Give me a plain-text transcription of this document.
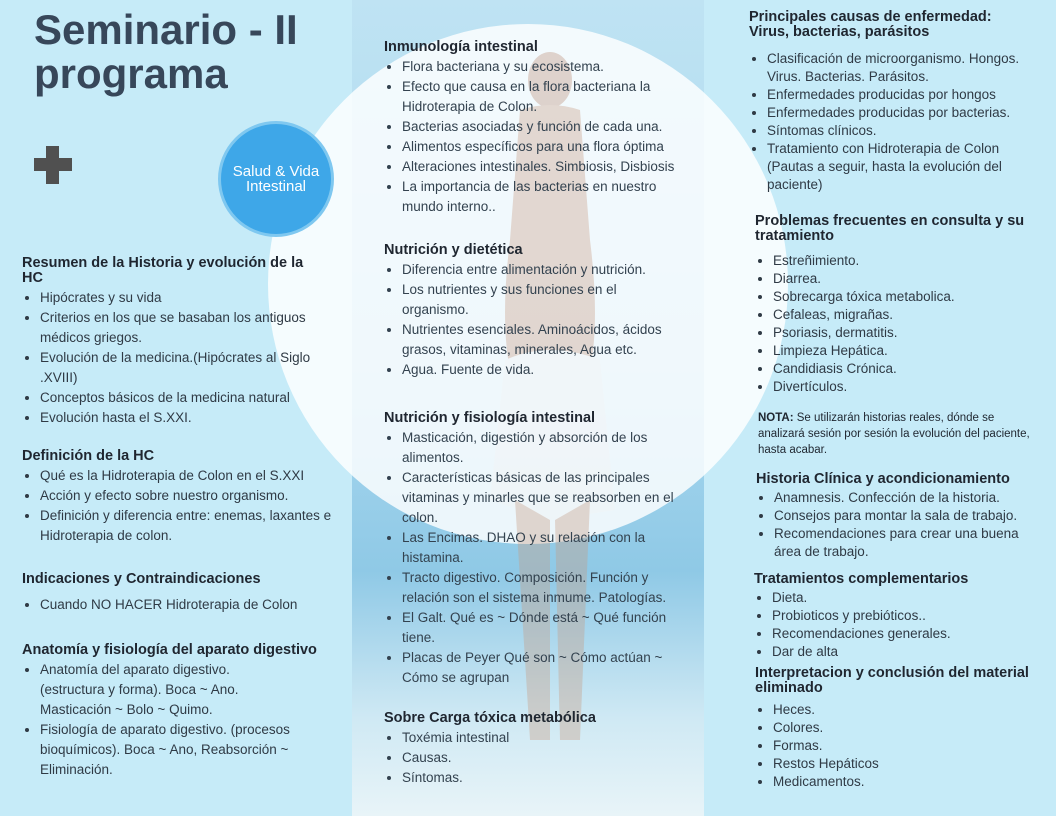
Seminario - II
programa
Salud & Vida
Intestinal
Resumen de la Historia y evolución de la HC
• Hipócrates y su vida
• Criterios en los que se basaban los antiguos médicos griegos.
• Evolución de la medicina.(Hipócrates al Siglo .XVIII)
• Conceptos básicos de la medicina natural
• Evolución hasta el S.XXI.
Definición de la HC
• Qué es la Hidroterapia de Colon en el S.XXI
• Acción y efecto sobre nuestro organismo.
• Definición y diferencia entre: enemas, laxantes e Hidroterapia de colon.
Indicaciones y Contraindicaciones
• Cuando NO HACER Hidroterapia de Colon
Anatomía y fisiología del aparato digestivo
• Anatomía del aparato digestivo. (estructura y forma). Boca ~ Ano. Masticación ~ Bolo ~ Quimo.
• Fisiología de aparato digestivo. (procesos bioquímicos). Boca ~ Ano, Reabsorción ~ Eliminación.
Inmunología intestinal
• Flora bacteriana y su ecosistema.
• Efecto que causa en la flora bacteriana la Hidroterapia de Colon.
• Bacterias asociadas y función de cada una.
• Alimentos específicos para una flora óptima
• Alteraciones intestinales. Simbiosis, Disbiosis
• La importancia de las bacterias en nuestro mundo interno..
Nutrición y dietética
• Diferencia entre alimentación y nutrición.
• Los nutrientes y sus funciones en el organismo.
• Nutrientes esenciales. Aminoácidos, ácidos grasos, vitaminas, minerales, Agua etc.
• Agua. Fuente de vida.
Nutrición y fisiología intestinal
• Masticación, digestión y absorción de los alimentos.
• Características básicas de las principales vitaminas y minarles que se reabsorben en el colon.
• Las Encimas. DHAO y su relación con la histamina.
• Tracto digestivo. Composición. Función y relación son el sistema inmume. Patologías.
• El Galt. Qué es ~ Dónde está ~ Qué función tiene.
• Placas de Peyer Qué son ~ Cómo actúan ~ Cómo se agrupan
Sobre Carga tóxica metabólica
• Toxémia intestinal
• Causas.
• Síntomas.
Principales causas de enfermedad: Virus, bacterias, parásitos
• Clasificación de microorganismo. Hongos. Virus. Bacterias. Parásitos.
• Enfermedades producidas por hongos
• Enfermedades producidas por bacterias.
• Síntomas clínicos.
• Tratamiento con Hidroterapia de Colon (Pautas a seguir, hasta la evolución del paciente)
Problemas frecuentes en consulta y su tratamiento
• Estreñimiento.
• Diarrea.
• Sobrecarga tóxica metabolica.
• Cefaleas, migrañas.
• Psoriasis, dermatitis.
• Limpieza Hepática.
• Candidiasis Crónica.
• Divertículos.
NOTA: Se utilizarán historias reales, dónde se analizará sesión por sesión la evolución del paciente, hasta acabar.
Historia Clínica y acondicionamiento
• Anamnesis. Confección de la historia.
• Consejos para montar la sala de trabajo.
• Recomendaciones para crear una buena área de trabajo.
Tratamientos complementarios
• Dieta.
• Probioticos y prebióticos..
• Recomendaciones generales.
• Dar de alta
Interpretacion y conclusión del material eliminado
• Heces.
• Colores.
• Formas.
• Restos Hepáticos
• Medicamentos.
